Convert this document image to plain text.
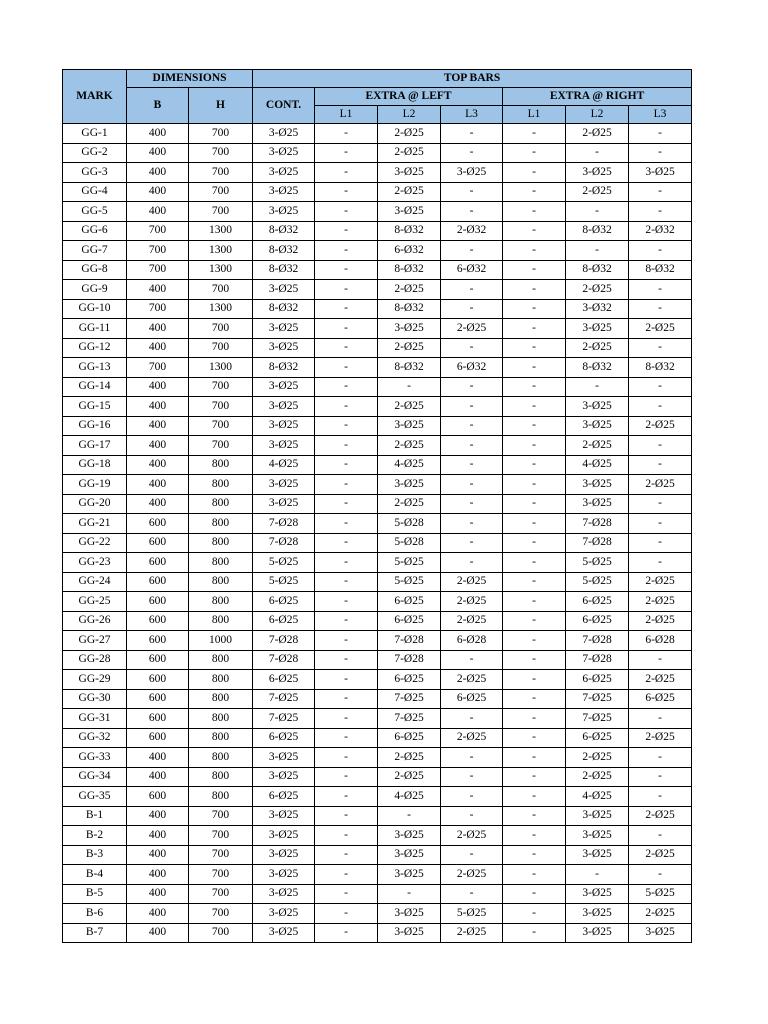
MARK	DIMENSIONS		TOP BARS						
	B	H	CONT.	EXTRA @ LEFT			EXTRA @ RIGHT		
				L1	L2	L3	L1	L2	L3
GG-1	400	700	3-Ø25	-	2-Ø25	-	-	2-Ø25	-
GG-2	400	700	3-Ø25	-	2-Ø25	-	-	-	-
GG-3	400	700	3-Ø25	-	3-Ø25	3-Ø25	-	3-Ø25	3-Ø25
GG-4	400	700	3-Ø25	-	2-Ø25	-	-	2-Ø25	-
GG-5	400	700	3-Ø25	-	3-Ø25	-	-	-	-
GG-6	700	1300	8-Ø32	-	8-Ø32	2-Ø32	-	8-Ø32	2-Ø32
GG-7	700	1300	8-Ø32	-	6-Ø32	-	-	-	-
GG-8	700	1300	8-Ø32	-	8-Ø32	6-Ø32	-	8-Ø32	8-Ø32
GG-9	400	700	3-Ø25	-	2-Ø25	-	-	2-Ø25	-
GG-10	700	1300	8-Ø32	-	8-Ø32	-	-	3-Ø32	-
GG-11	400	700	3-Ø25	-	3-Ø25	2-Ø25	-	3-Ø25	2-Ø25
GG-12	400	700	3-Ø25	-	2-Ø25	-	-	2-Ø25	-
GG-13	700	1300	8-Ø32	-	8-Ø32	6-Ø32	-	8-Ø32	8-Ø32
GG-14	400	700	3-Ø25	-	-	-	-	-	-
GG-15	400	700	3-Ø25	-	2-Ø25	-	-	3-Ø25	-
GG-16	400	700	3-Ø25	-	3-Ø25	-	-	3-Ø25	2-Ø25
GG-17	400	700	3-Ø25	-	2-Ø25	-	-	2-Ø25	-
GG-18	400	800	4-Ø25	-	4-Ø25	-	-	4-Ø25	-
GG-19	400	800	3-Ø25	-	3-Ø25	-	-	3-Ø25	2-Ø25
GG-20	400	800	3-Ø25	-	2-Ø25	-	-	3-Ø25	-
GG-21	600	800	7-Ø28	-	5-Ø28	-	-	7-Ø28	-
GG-22	600	800	7-Ø28	-	5-Ø28	-	-	7-Ø28	-
GG-23	600	800	5-Ø25	-	5-Ø25	-	-	5-Ø25	-
GG-24	600	800	5-Ø25	-	5-Ø25	2-Ø25	-	5-Ø25	2-Ø25
GG-25	600	800	6-Ø25	-	6-Ø25	2-Ø25	-	6-Ø25	2-Ø25
GG-26	600	800	6-Ø25	-	6-Ø25	2-Ø25	-	6-Ø25	2-Ø25
GG-27	600	1000	7-Ø28	-	7-Ø28	6-Ø28	-	7-Ø28	6-Ø28
GG-28	600	800	7-Ø28	-	7-Ø28	-	-	7-Ø28	-
GG-29	600	800	6-Ø25	-	6-Ø25	2-Ø25	-	6-Ø25	2-Ø25
GG-30	600	800	7-Ø25	-	7-Ø25	6-Ø25	-	7-Ø25	6-Ø25
GG-31	600	800	7-Ø25	-	7-Ø25	-	-	7-Ø25	-
GG-32	600	800	6-Ø25	-	6-Ø25	2-Ø25	-	6-Ø25	2-Ø25
GG-33	400	800	3-Ø25	-	2-Ø25	-	-	2-Ø25	-
GG-34	400	800	3-Ø25	-	2-Ø25	-	-	2-Ø25	-
GG-35	600	800	6-Ø25	-	4-Ø25	-	-	4-Ø25	-
B-1	400	700	3-Ø25	-	-	-	-	3-Ø25	2-Ø25
B-2	400	700	3-Ø25	-	3-Ø25	2-Ø25	-	3-Ø25	-
B-3	400	700	3-Ø25	-	3-Ø25	-	-	3-Ø25	2-Ø25
B-4	400	700	3-Ø25	-	3-Ø25	2-Ø25	-	-	-
B-5	400	700	3-Ø25	-	-	-	-	3-Ø25	5-Ø25
B-6	400	700	3-Ø25	-	3-Ø25	5-Ø25	-	3-Ø25	2-Ø25
B-7	400	700	3-Ø25	-	3-Ø25	2-Ø25	-	3-Ø25	3-Ø25
